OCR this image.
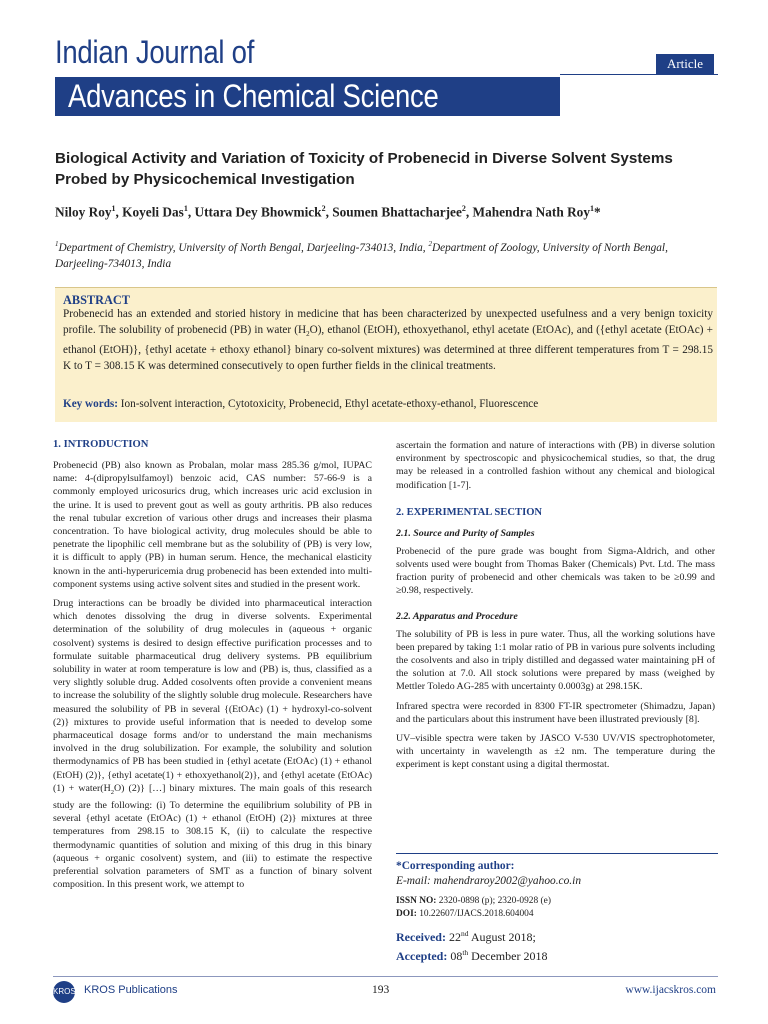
Indian Journal of
Advances in Chemical Science
Article
Biological Activity and Variation of Toxicity of Probenecid in Diverse Solvent Systems Probed by Physicochemical Investigation
Niloy Roy$^1$, Koyeli Das$^1$, Uttara Dey Bhowmick$^2$, Soumen Bhattacharjee$^2$, Mahendra Nath Roy$^1$*
$^1$Department of Chemistry, University of North Bengal, Darjeeling-734013, India, $^2$Department of Zoology, University of North Bengal, Darjeeling-734013, India
ABSTRACT
Probenecid has an extended and storied history in medicine that has been characterized by unexpected usefulness and a very benign toxicity profile. The solubility of probenecid (PB) in water $(H_2O)$, ethanol (EtOH), ethoxyethanol, ethyl acetate (EtOAc), and ({ethyl acetate (EtOAc) + ethanol (EtOH)}, {ethyl acetate + ethoxy ethanol} binary co-solvent mixtures) was determined at three different temperatures from T = 298.15 K to T = 308.15 K was determined consecutively to open further fields in the clinical treatments.
Key words: Ion-solvent interaction, Cytotoxicity, Probenecid, Ethyl acetate-ethoxy-ethanol, Fluorescence
1. INTRODUCTION

Probenecid (PB) also known as Probalan, molar mass 285.36 g/mol, IUPAC name: 4-(dipropylsulfamoyl) benzoic acid, CAS number: 57-66-9 is a commonly employed uricosurics drug, which increases uric acid exclusion in the urine. It is used to prevent gout as well as gouty arthritis. PB also reduces the renal tubular excretion of various other drugs and increases their plasma concentration. To have biological activity, drug molecules should be able to penetrate the lipophilic cell membrane but as the solubility of (PB) is very low, it is difficult to apply (PB) in human serum. Hence, the mechanical elasticity known in the anti-hyperuricemia drug probenecid has been extended into multi-component systems using active solvent sites and studied in the present work.

Drug interactions can be broadly be divided into pharmaceutical interaction which denotes dissolving the drug in diverse solvents. Experimental determination of the solubility of drug molecules in (aqueous + organic cosolvent) systems is desired to design effective purification processes and to formulate suitable pharmaceutical drug delivery systems. PB equilibrium solubility in water at room temperature is low and (PB) is, thus, classified as a very slightly soluble drug. Added cosolvents often provide a convenient means to increase the solubility of the slightly soluble drug molecule. Researchers have measured the solubility of PB in several {(EtOAc) (1) + hydroxyl-co-solvent (2)} mixtures to provide useful information that is needed to develop some pharmaceutical dosage forms and/or to understand the main mechanisms involved in the drug solubilization. For example, the solubility and solution thermodynamics of PB has been studied in {ethyl acetate (EtOAc) (1) + ethanol (EtOH) (2)}, {ethyl acetate(1) + ethoxyethanol(2)}, and {ethyl acetate (EtOAc) $(1) + water(H_2O)$ (2)} […] binary mixtures. The main goals of this research study are the following: (i) To determine the equilibrium solubility of PB in several {ethyl acetate (EtOAc) (1) + ethanol (EtOH) (2)} mixtures at three temperatures from 298.15 to 308.15 K, (ii) to calculate the respective thermodynamic quantities of solution and mixing of this drug in this binary (aqueous + organic cosolvent) system, and (iii) to estimate the respective preferential solvation parameters of SMT as a function of binary solvent composition. In this present work, we attempt to

ascertain the formation and nature of interactions with (PB) in diverse solution environment by spectroscopic and physicochemical studies, so that, the drug may be released in a controlled fashion without any chemical and biological modification [1-7].

2. EXPERIMENTAL SECTION
2.1. Source and Purity of Samples

Probenecid of the pure grade was bought from Sigma-Aldrich, and other solvents used were bought from Thomas Baker (Chemicals) Pvt. Ltd. The mass fraction purity of probenecid and other chemicals was taken to be ≥0.99 and ≥0.98, respectively.

2.2. Apparatus and Procedure

The solubility of PB is less in pure water. Thus, all the working solutions have been prepared by taking 1:1 molar ratio of PB in various pure solvents including the cosolvents and also in triply distilled and degassed water maintaining pH of the solution at 7.0. All stock solutions were prepared by mass (weighed by Mettler Toledo AG-285 with uncertainty 0.0003g) at 298.15K.

Infrared spectra were recorded in 8300 FT-IR spectrometer (Shimadzu, Japan) and the particulars about this instrument have been illustrated previously [8].

UV–visible spectra were taken by JASCO V-530 UV/VIS spectrophotometer, with uncertainty in wavelength as ±2 nm. The temperature during the experiment is kept constant using a digital thermostat.

*Corresponding author:
E-mail: mahendraroy2002@yahoo.co.in
ISSN NO: 2320-0898 (p); 2320-0928 (e)
DOI: 10.22607/IJACS.2018.604004
Received: 22nd August 2018;
Accepted: 08th December 2018
KROS KROS Publications	193	www.ijacskros.com
